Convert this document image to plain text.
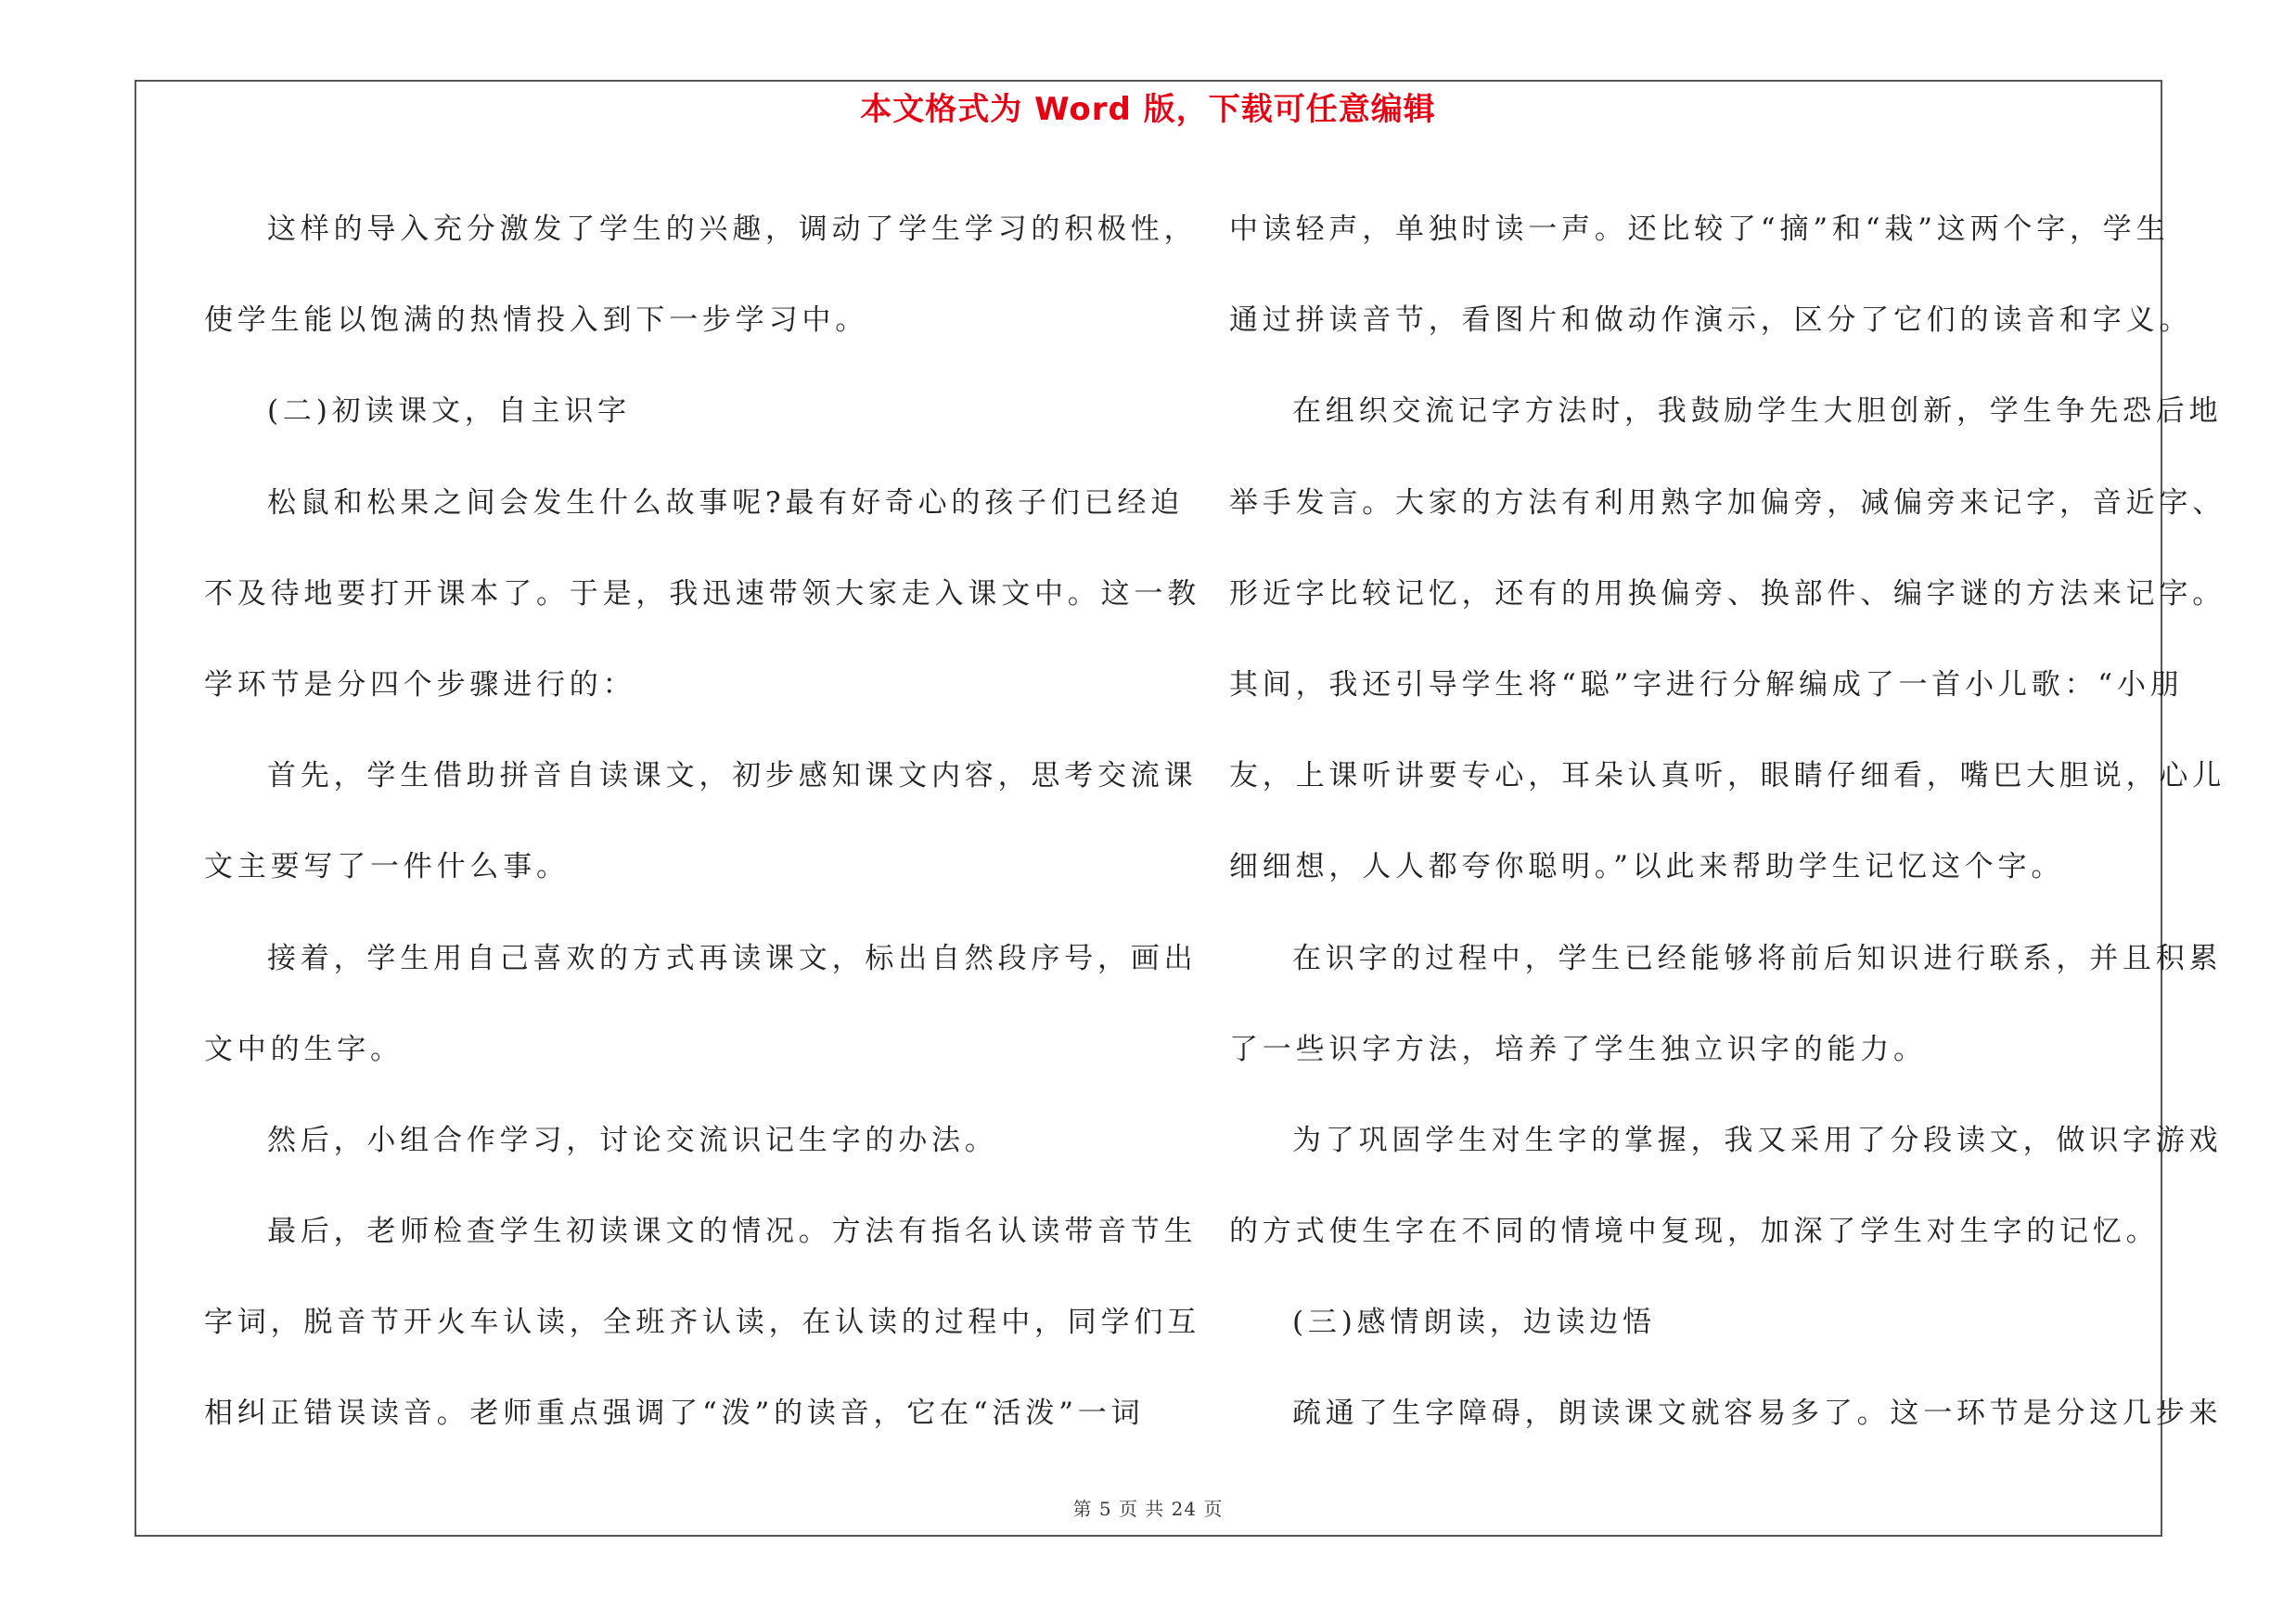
本文格式为 Word 版，下载可任意编辑
这样的导入充分激发了学生的兴趣，调动了学生学习的积极性，
使学生能以饱满的热情投入到下一步学习中。
(二)初读课文，自主识字
松鼠和松果之间会发生什么故事呢?最有好奇心的孩子们已经迫
不及待地要打开课本了。于是，我迅速带领大家走入课文中。这一教
学环节是分四个步骤进行的：
首先，学生借助拼音自读课文，初步感知课文内容，思考交流课
文主要写了一件什么事。
接着，学生用自己喜欢的方式再读课文，标出自然段序号，画出
文中的生字。
然后，小组合作学习，讨论交流识记生字的办法。
最后，老师检查学生初读课文的情况。方法有指名认读带音节生
字词，脱音节开火车认读，全班齐认读，在认读的过程中，同学们互
相纠正错误读音。老师重点强调了“泼”的读音，它在“活泼”一词
中读轻声，单独时读一声。还比较了“摘”和“栽”这两个字，学生
通过拼读音节，看图片和做动作演示，区分了它们的读音和字义。
在组织交流记字方法时，我鼓励学生大胆创新，学生争先恐后地
举手发言。大家的方法有利用熟字加偏旁，减偏旁来记字，音近字、
形近字比较记忆，还有的用换偏旁、换部件、编字谜的方法来记字。
其间，我还引导学生将“聪”字进行分解编成了一首小儿歌：“小朋
友，上课听讲要专心，耳朵认真听，眼睛仔细看，嘴巴大胆说，心儿
细细想，人人都夸你聪明。”以此来帮助学生记忆这个字。
在识字的过程中，学生已经能够将前后知识进行联系，并且积累
了一些识字方法，培养了学生独立识字的能力。
为了巩固学生对生字的掌握，我又采用了分段读文，做识字游戏
的方式使生字在不同的情境中复现，加深了学生对生字的记忆。
(三)感情朗读，边读边悟
疏通了生字障碍，朗读课文就容易多了。这一环节是分这几步来
第 5 页 共 24 页
